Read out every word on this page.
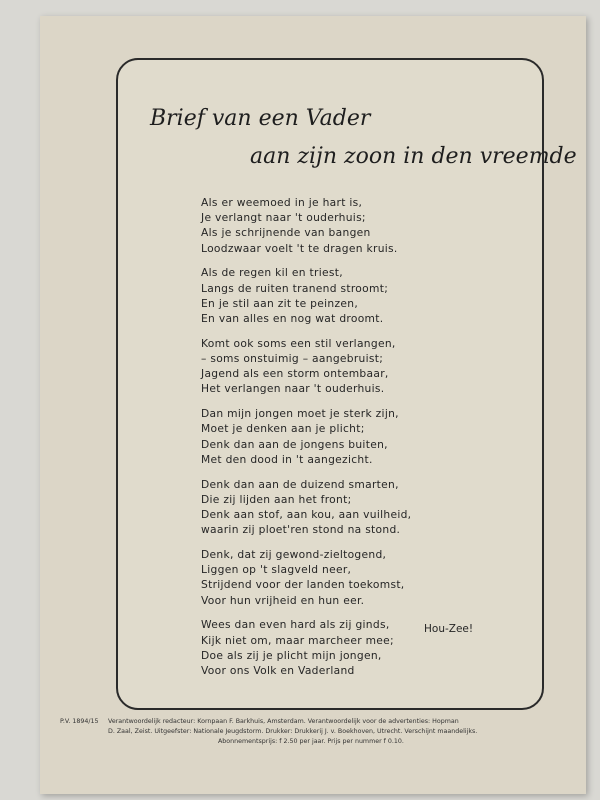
Brief van een Vader
aan zijn zoon in den vreemde
Als er weemoed in je hart is,
Je verlangt naar 't ouderhuis;
Als je schrijnende van bangen
Loodzwaar voelt 't te dragen kruis.
Als de regen kil en triest,
Langs de ruiten tranend stroomt;
En je stil aan zit te peinzen,
En van alles en nog wat droomt.
Komt ook soms een stil verlangen,
– soms onstuimig – aangebruist;
Jagend als een storm ontembaar,
Het verlangen naar 't ouderhuis.
Dan mijn jongen moet je sterk zijn,
Moet je denken aan je plicht;
Denk dan aan de jongens buiten,
Met den dood in 't aangezicht.
Denk dan aan de duizend smarten,
Die zij lijden aan het front;
Denk aan stof, aan kou, aan vuilheid,
waarin zij ploet'ren stond na stond.
Denk, dat zij gewond-zieltogend,
Liggen op 't slagveld neer,
Strijdend voor der landen toekomst,
Voor hun vrijheid en hun eer.
Wees dan even hard als zij ginds,
Kijk niet om, maar marcheer mee;
Doe als zij je plicht mijn jongen,
Voor ons Volk en Vaderland
Hou-Zee!
P.V. 1894/15 Verantwoordelijk redacteur: Kornpaan F. Barkhuis, Amsterdam. Verantwoordelijk voor de advertenties: Hopman
D. Zaal, Zeist. Uitgeefster: Nationale Jeugdstorm. Drukker: Drukkerij J. v. Boekhoven, Utrecht. Verschijnt maandelijks.
Abonnementsprijs: f 2.50 per jaar. Prijs per nummer f 0.10.
